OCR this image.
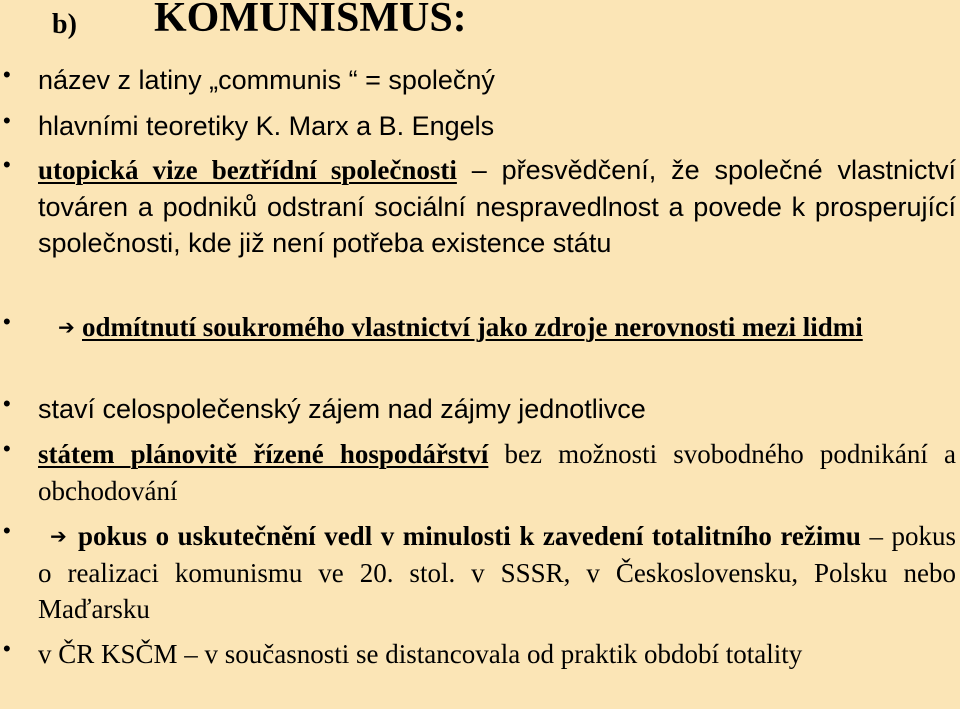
b) KOMUNISMUS:
• název z latiny „communis “ = společný
• hlavními teoretiky K. Marx a B. Engels
• utopická vize beztřídní společnosti – přesvědčení, že společné vlastnictví továren a podniků odstraní sociální nespravedlnost a povede k prosperující společnosti, kde již není potřeba existence státu
•	➔ odmítnutí soukromého vlastnictví jako zdroje nerovnosti mezi lidmi
• staví celospolečenský zájem nad zájmy jednotlivce
• státem plánovitě řízené hospodářství bez možnosti svobodného podnikání a obchodování
•	➔ pokus o uskutečnění vedl v minulosti k zavedení totalitního režimu – pokus o realizaci komunismu ve 20. stol. v SSSR, v Československu, Polsku nebo Maďarsku
• v ČR KSČM – v současnosti se distancovala od praktik období totality
